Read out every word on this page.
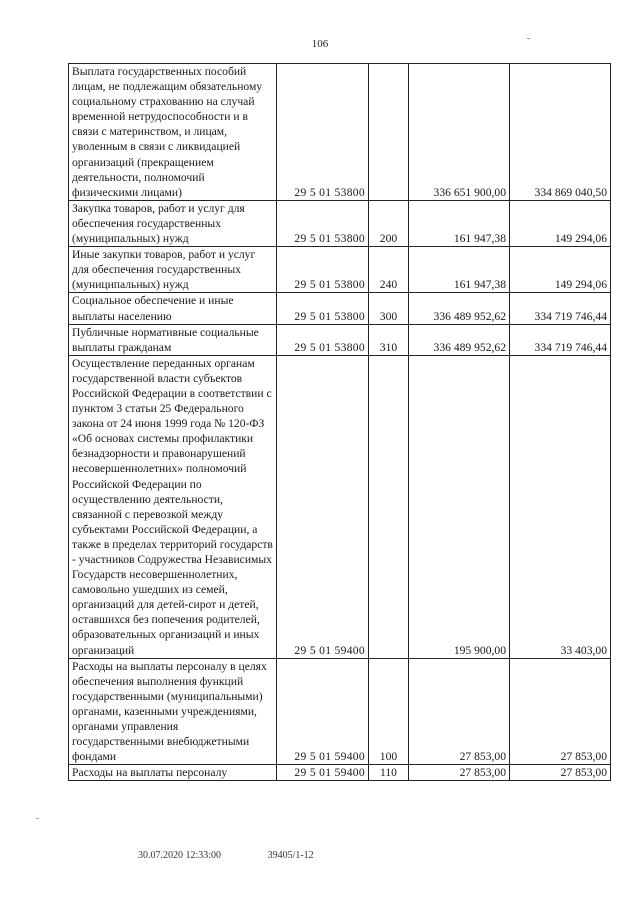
106
Выплата государственных пособий лицам, не подлежащим обязательному социальному страхованию на случай временной нетрудоспособности и в связи с материнством, и лицам, уволенным в связи с ликвидацией организаций (прекращением деятельности, полномочий физическими лицами)	29 5 01 53800		336 651 900,00	334 869 040,50
Закупка товаров, работ и услуг для обеспечения государственных (муниципальных) нужд	29 5 01 53800	200	161 947,38	149 294,06
Иные закупки товаров, работ и услуг для обеспечения государственных (муниципальных) нужд	29 5 01 53800	240	161 947,38	149 294,06
Социальное обеспечение и иные выплаты населению	29 5 01 53800	300	336 489 952,62	334 719 746,44
Публичные нормативные социальные выплаты гражданам	29 5 01 53800	310	336 489 952,62	334 719 746,44
Осуществление переданных органам государственной власти субъектов Российской Федерации в соответствии с пунктом 3 статьи 25 Федерального закона от 24 июня 1999 года № 120-ФЗ «Об основах системы профилактики безнадзорности и правонарушений несовершеннолетних» полномочий Российской Федерации по осуществлению деятельности, связанной с перевозкой между субъектами Российской Федерации, а также в пределах территорий государств - участников Содружества Независимых Государств несовершеннолетних, самовольно ушедших из семей, организаций для детей-сирот и детей, оставшихся без попечения родителей, образовательных организаций и иных организаций	29 5 01 59400		195 900,00	33 403,00
Расходы на выплаты персоналу в целях обеспечения выполнения функций государственными (муниципальными) органами, казенными учреждениями, органами управления государственными внебюджетными фондами	29 5 01 59400	100	27 853,00	27 853,00
Расходы на выплаты персоналу	29 5 01 59400	110	27 853,00	27 853,00
30.07.2020 12:33:00	39405/1-12
